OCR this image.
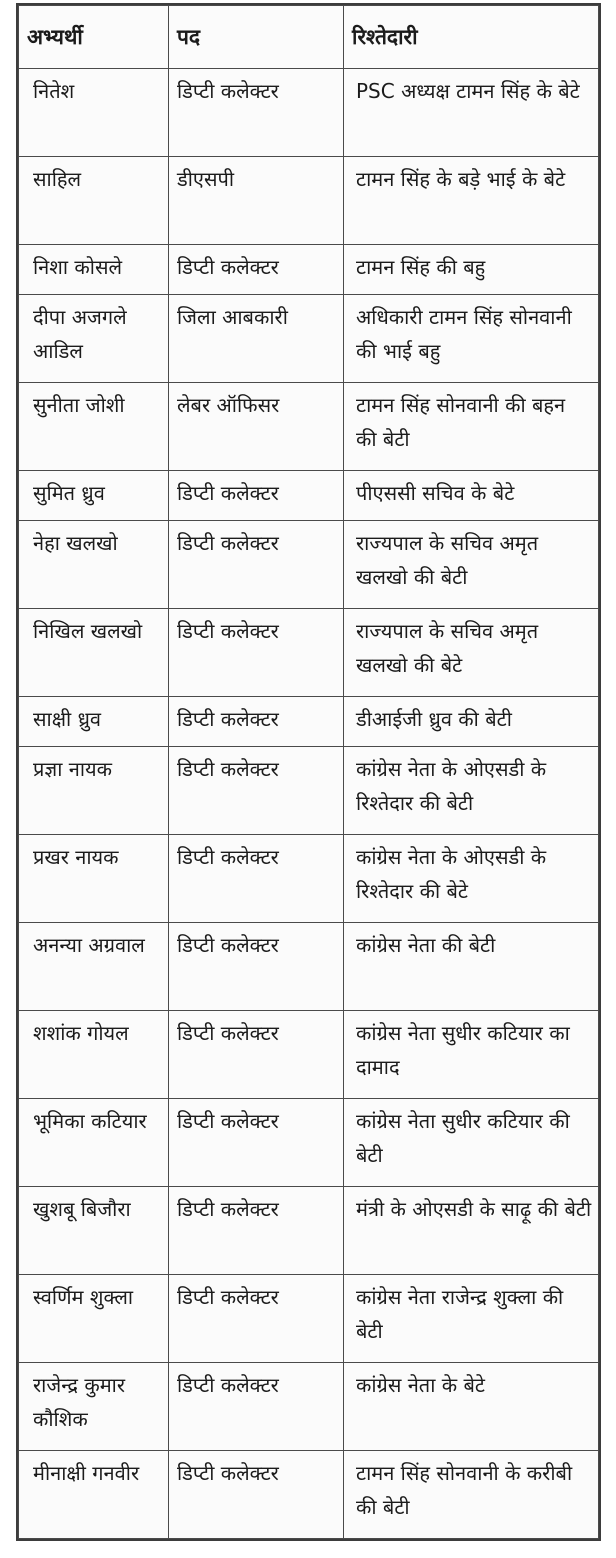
अभ्यर्थी	पद	रिश्तेदारी
नितेश	डिप्टी कलेक्टर	PSC अध्यक्ष टामन सिंह के बेटे
साहिल	डीएसपी	टामन सिंह के बड़े भाई के बेटे
निशा कोसले	डिप्टी कलेक्टर	टामन सिंह की बहु
दीपा अजगले आडिल	जिला आबकारी	अधिकारी टामन सिंह सोनवानी की भाई बहु
सुनीता जोशी	लेबर ऑफिसर	टामन सिंह सोनवानी की बहन की बेटी
सुमित ध्रुव	डिप्टी कलेक्टर	पीएससी सचिव के बेटे
नेहा खलखो	डिप्टी कलेक्टर	राज्यपाल के सचिव अमृत खलखो की बेटी
निखिल खलखो	डिप्टी कलेक्टर	राज्यपाल के सचिव अमृत खलखो की बेटे
साक्षी ध्रुव	डिप्टी कलेक्टर	डीआईजी ध्रुव की बेटी
प्रज्ञा नायक	डिप्टी कलेक्टर	कांग्रेस नेता के ओएसडी के रिश्तेदार की बेटी
प्रखर नायक	डिप्टी कलेक्टर	कांग्रेस नेता के ओएसडी के रिश्तेदार की बेटे
अनन्या अग्रवाल	डिप्टी कलेक्टर	कांग्रेस नेता की बेटी
शशांक गोयल	डिप्टी कलेक्टर	कांग्रेस नेता सुधीर कटियार का दामाद
भूमिका कटियार	डिप्टी कलेक्टर	कांग्रेस नेता सुधीर कटियार की बेटी
खुशबू बिजौरा	डिप्टी कलेक्टर	मंत्री के ओएसडी के साढ़ू की बेटी
स्वर्णिम शुक्ला	डिप्टी कलेक्टर	कांग्रेस नेता राजेन्द्र शुक्ला की बेटी
राजेन्द्र कुमार कौशिक	डिप्टी कलेक्टर	कांग्रेस नेता के बेटे
मीनाक्षी गनवीर	डिप्टी कलेक्टर	टामन सिंह सोनवानी के करीबी की बेटी
